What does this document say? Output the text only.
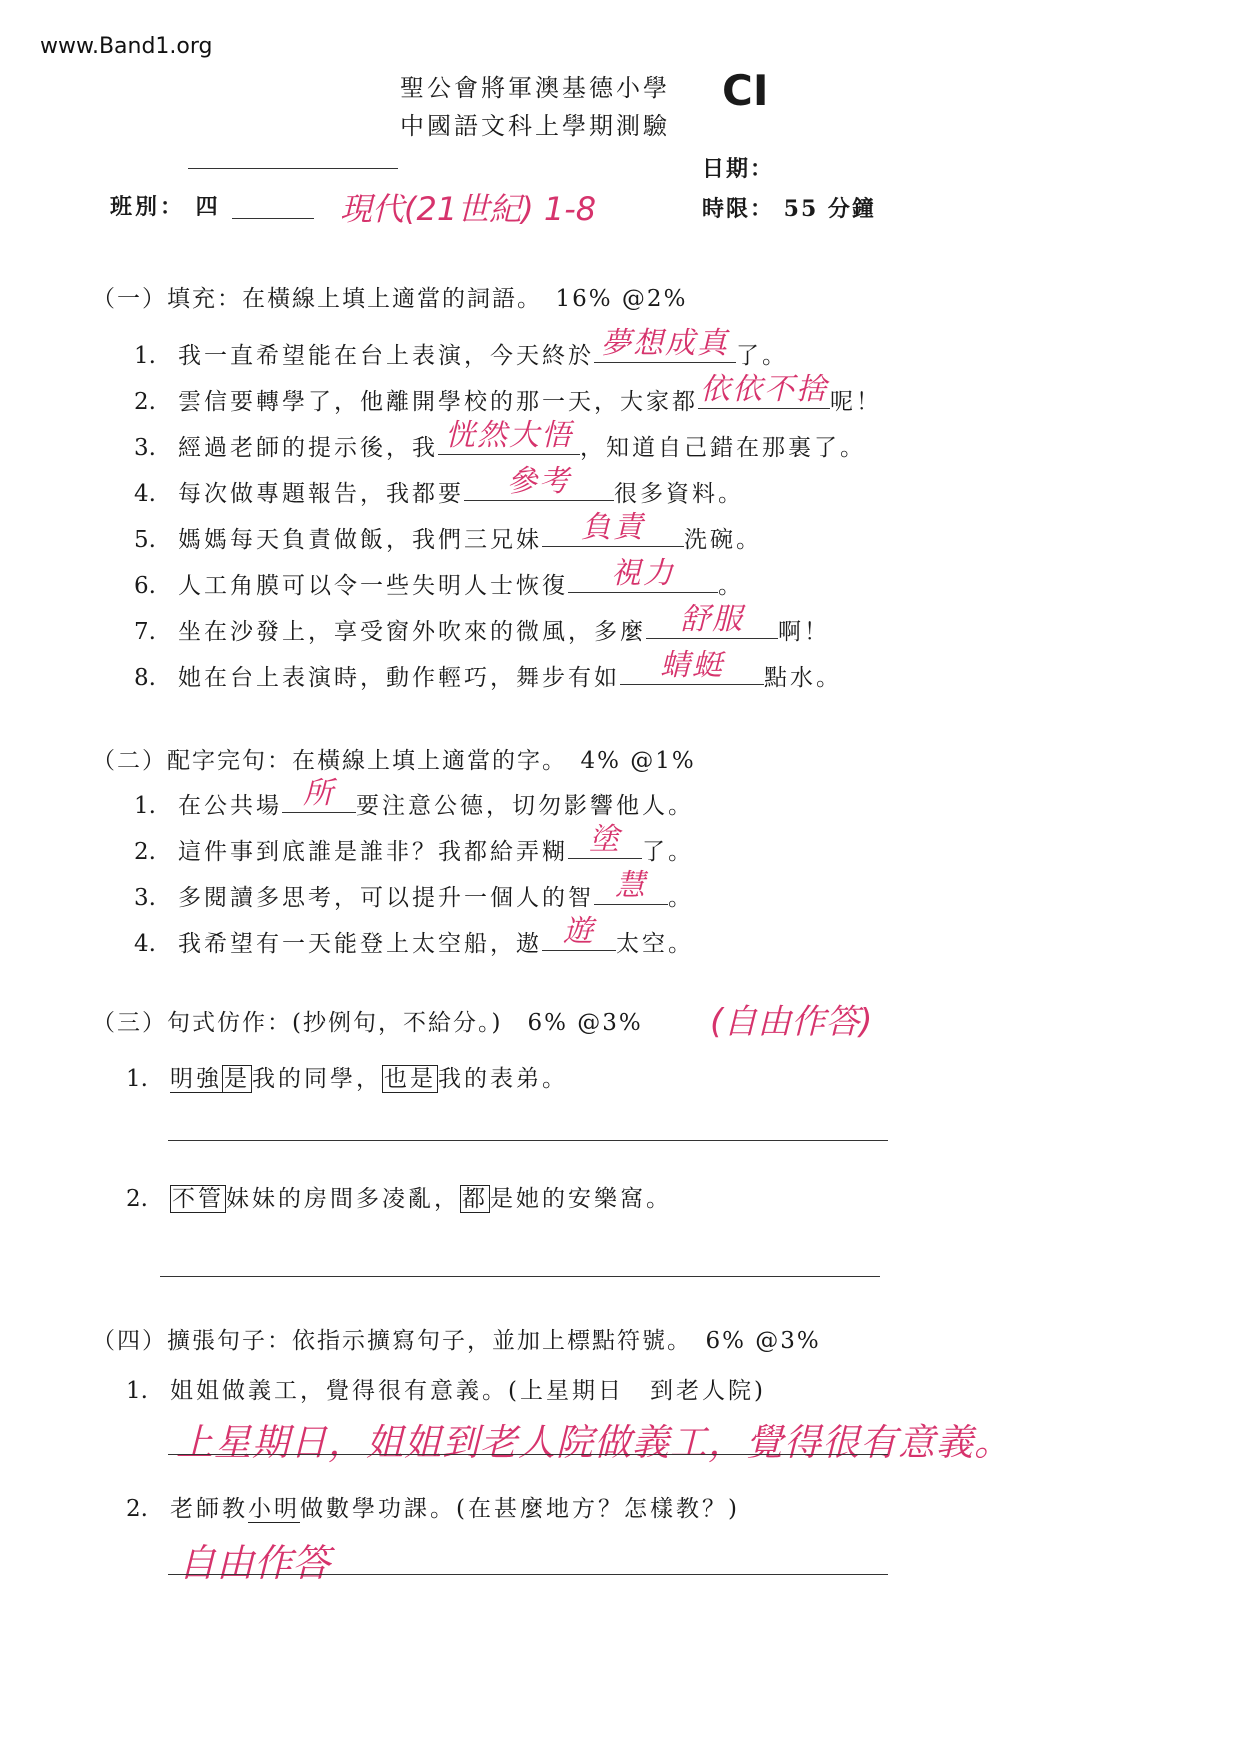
www.Band1.org
聖公會將軍澳基德小學
中國語文科上學期測驗
CI
日期：
班別： 四	現代(21世紀) 1-8	時限： 55 分鐘
（一）填充：在橫線上填上適當的詞語。　16% @2%
1. 我一直希望能在台上表演，今天終於 夢想成真 了。
2. 雲信要轉學了，他離開學校的那一天，大家都 依依不捨 呢！
3. 經過老師的提示後，我 恍然大悟 ，知道自己錯在那裏了。
4. 每次做專題報告，我都要	參考	很多資料。
5. 媽媽每天負責做飯，我們三兄妹	負責	洗碗。
6. 人工角膜可以令一些失明人士恢復	視力	。
7. 坐在沙發上，享受窗外吹來的微風，多麼	舒服	啊！
8. 她在台上表演時，動作輕巧，舞步有如	蜻蜓	點水。
（二）配字完句：在橫線上填上適當的字。　4% @1%
1. 在公共場 所 要注意公德，切勿影響他人。
2. 這件事到底誰是誰非？我都給弄糊 塗 了。
3. 多閱讀多思考，可以提升一個人的智 慧 。
4. 我希望有一天能登上太空船，遨 遊 太空。
（三）句式仿作：(抄例句，不給分。)　6% @3% (自由作答)
1. 明強是我的同學，也是我的表弟。
2. 不管妹妹的房間多凌亂，都是她的安樂窩。
（四）擴張句子：依指示擴寫句子，並加上標點符號。　6% @3%
1. 姐姐做義工，覺得很有意義。(上星期日　到老人院)
上星期日，姐姐到老人院做義工，覺得很有意義。
2. 老師教小明做數學功課。(在甚麼地方？怎樣教？)
自由作答
